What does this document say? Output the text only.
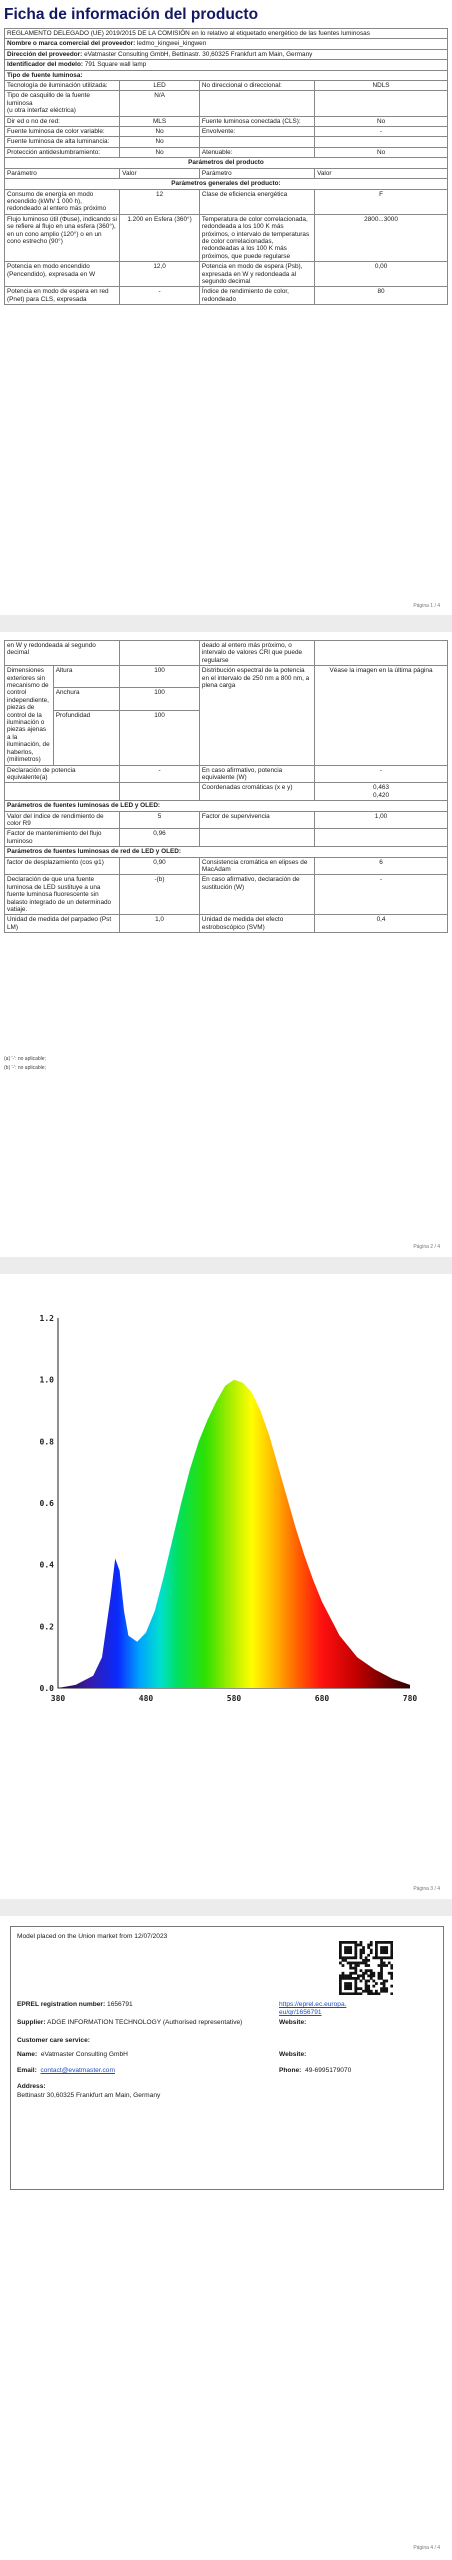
Ficha de información del producto
REGLAMENTO DELEGADO (UE) 2019/2015 DE LA COMISIÓN en lo relativo al etiquetado energético de las fuentes luminosas			
Nombre o marca comercial del proveedor: ledmo_kingwei_kingwen			
Dirección del proveedor: eVatmaster Consulting GmbH, Bettinastr. 30,60325 Frankfurt am Main, Germany			
Identificador del modelo: 791 Square wall lamp			
Tipo de fuente luminosa:			
Tecnología de iluminación utilizada:	LED	No direccional o direccional:	NDLS
Tipo de casquillo de la fuente luminosa
(u otra interfaz eléctrica)	N/A		
Dir ed o no de red:	MLS	Fuente luminosa conectada (CLS):	No
Fuente luminosa de color variable:	No	Envolvente:	-
Fuente luminosa de alta luminancia:	No		
Protección antideslumbramiento:	No	Atenuable:	No
Parámetros del producto			
Parámetro	Valor	Parámetro	Valor
Parámetros generales del producto:			
Consumo de energía en modo encendido (kWh/ 1 000 h), redondeado al entero más próximo	12	Clase de eficiencia energética	F
Flujo luminoso útil (Φuse), indicando si se refiere al flujo en una esfera (360°), en un cono amplio (120°) o en un cono estrecho (90°)	1.200 en Esfera (360°)	Temperatura de color correlacionada, redondeada a los 100 K más próximos, o intervalo de temperaturas de color correlacionadas, redondeadas a los 100 K más próximos, que puede regularse	2800...3000
Potencia en modo encendido (Pencendido), expresada en W	12,0	Potencia en modo de espera (Psb), expresada en W y redondeada al segundo decimal	0,00
Potencia en modo de espera en red (Pnet) para CLS, expresada	-	Índice de rendimiento de color, redondeado	80
Página 1 / 4
en W y redondeada al segundo decimal			deado al entero más próximo, o intervalo de valores CRI que puede regularse	
Dimensiones exteriores sin mecanismo de control independiente, piezas de control de la iluminación o piezas ajenas a la iluminación, de haberlos, (milímetros)	Altura	100	Distribución espectral de la potencia en el intervalo de 250 nm a 800 nm, a plena carga	Véase la imagen en la última página
	Anchura	100		
	Profundidad	100		
Declaración de potencia equivalente(a)		-	En caso afirmativo, potencia equivalente (W)	-
			Coordenadas cromáticas (x e y)	0,463
0,420
Parámetros de fuentes luminosas de LED y OLED:				
Valor del índice de rendimiento de color R9		5	Factor de supervivencia	1,00
Factor de mantenimiento del flujo luminoso		0,96		
Parámetros de fuentes luminosas de red de LED y OLED:				
factor de desplazamiento (cos φ1)		0,90	Consistencia cromática en elipses de MacAdam	6
Declaración de que una fuente luminosa de LED sustituye a una fuente luminosa fluorescente sin balasto integrado de un determinado vatiaje.		-(b)	En caso afirmativo, declaración de sustitución (W)	-
Unidad de medida del parpadeo (Pst LM)		1,0	Unidad de medida del efecto estroboscópico (SVM)	0,4
(a) '-': no aplicable;
(b) '-': no aplicable;
Página 2 / 4
1.2
1.0
0.8
0.6
0.4
0.2
0.0
380	480	580	680	780
Página 3 / 4
Model placed on the Union market from 12/07/2023
EPREL registration number: 1656791	https://eprel.ec.europa.eu/qr/1656791
Supplier: ADGE INFORMATION TECHNOLOGY (Authorised representative)	Website:
Customer care service:
Name: eVatmaster Consulting GmbH	Website:
Email: contact@evatmaster.com	Phone: 49-6995179070
Address:
Bettinastr 30,60325 Frankfurt am Main, Germany
Página 4 / 4
